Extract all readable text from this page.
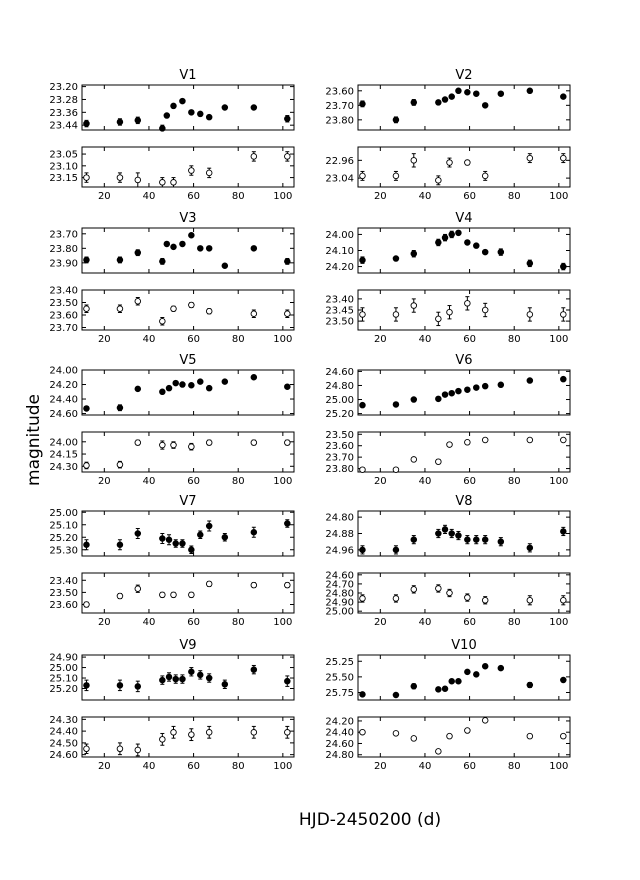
HJD-2450200 (d)
magnitude
V1
23.20
23.28
23.36
23.44
20	40	60	80	100
23.05
23.10
23.15
V2
23.60
23.70
23.80
20	40	60	80	100
22.96
23.04
V3
23.70
23.80
23.90
20	40	60	80	100
23.40
23.50
23.60
23.70
V4
24.00
24.10
24.20
20	40	60	80	100
23.40
23.45
23.50
V5
24.00
24.20
24.40
24.60
20	40	60	80	100
24.00
24.15
24.30
V6
24.60
24.80
25.00
25.20
20	40	60	80	100
23.50
23.60
23.70
23.80
V7
25.00
25.10
25.20
25.30
20	40	60	80	100
23.40
23.50
23.60
V8
24.80
24.88
24.96
20	40	60	80	100
24.60
24.70
24.80
24.90
25.00
V9
24.90
25.00
25.10
25.20
20	40	60	80	100
24.30
24.40
24.50
24.60
V10
25.25
25.50
25.75
20	40	60	80	100
24.20
24.40
24.60
24.80
